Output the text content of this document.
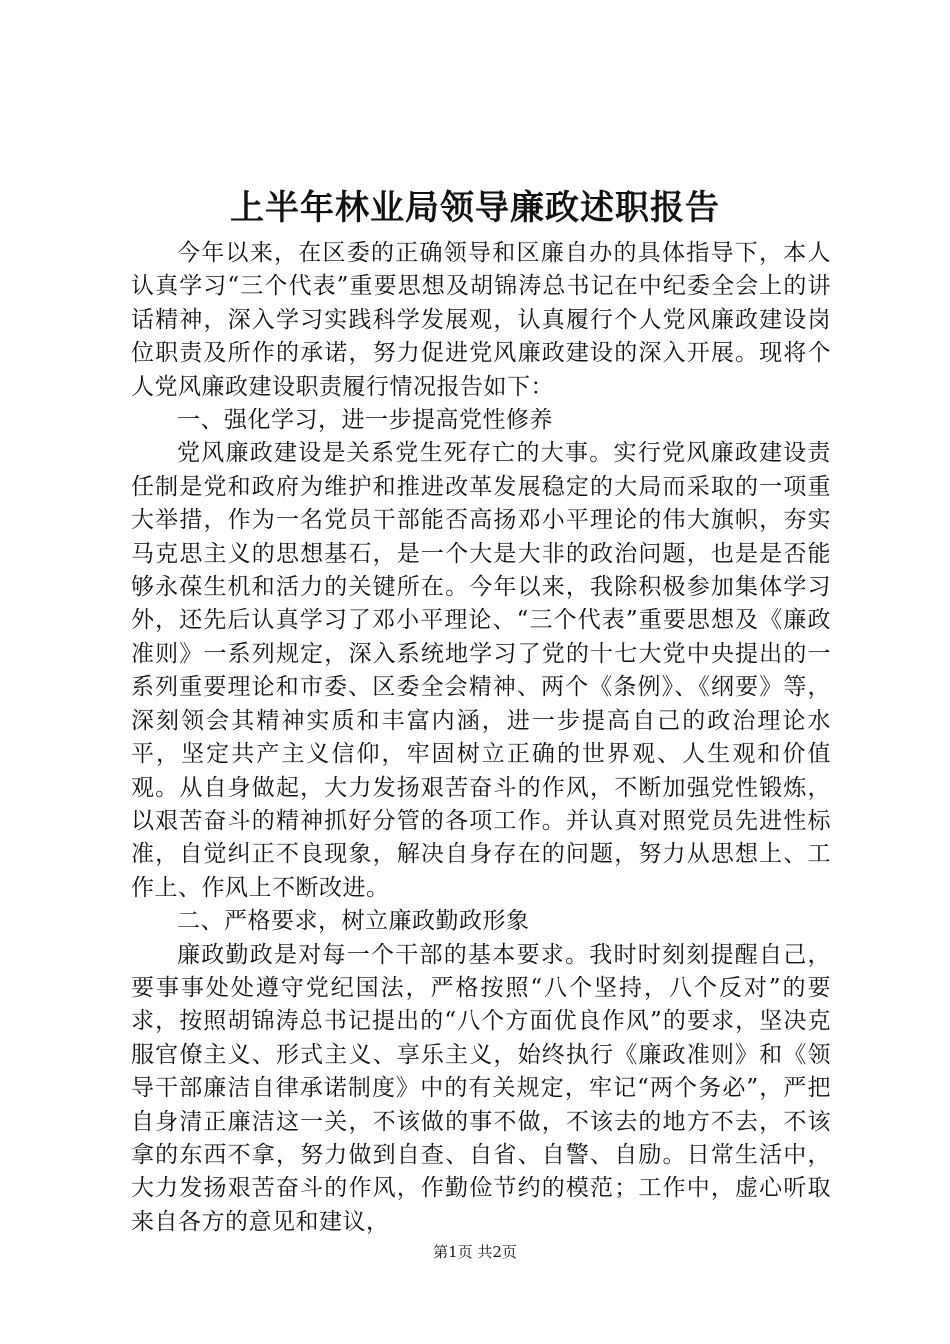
上半年林业局领导廉政述职报告

今年以来，在区委的正确领导和区廉自办的具体指导下，本人认真学习“三个代表”重要思想及胡锦涛总书记在中纪委全会上的讲话精神，深入学习实践科学发展观，认真履行个人党风廉政建设岗位职责及所作的承诺，努力促进党风廉政建设的深入开展。现将个人党风廉政建设职责履行情况报告如下：

一、强化学习，进一步提高党性修养

党风廉政建设是关系党生死存亡的大事。实行党风廉政建设责任制是党和政府为维护和推进改革发展稳定的大局而采取的一项重大举措，作为一名党员干部能否高扬邓小平理论的伟大旗帜，夯实马克思主义的思想基石，是一个大是大非的政治问题，也是是否能够永葆生机和活力的关键所在。今年以来，我除积极参加集体学习外，还先后认真学习了邓小平理论、“三个代表”重要思想及《廉政准则》一系列规定，深入系统地学习了党的十七大党中央提出的一系列重要理论和市委、区委全会精神、两个《条例》、《纲要》等，深刻领会其精神实质和丰富内涵，进一步提高自己的政治理论水平，坚定共产主义信仰，牢固树立正确的世界观、人生观和价值观。从自身做起，大力发扬艰苦奋斗的作风，不断加强党性锻炼，以艰苦奋斗的精神抓好分管的各项工作。并认真对照党员先进性标准，自觉纠正不良现象，解决自身存在的问题，努力从思想上、工作上、作风上不断改进。

二、严格要求，树立廉政勤政形象

廉政勤政是对每一个干部的基本要求。我时时刻刻提醒自己，要事事处处遵守党纪国法，严格按照“八个坚持，八个反对”的要求，按照胡锦涛总书记提出的“八个方面优良作风”的要求，坚决克服官僚主义、形式主义、享乐主义，始终执行《廉政准则》和《领导干部廉洁自律承诺制度》中的有关规定，牢记“两个务必”，严把自身清正廉洁这一关，不该做的事不做，不该去的地方不去，不该拿的东西不拿，努力做到自查、自省、自警、自励。日常生活中，大力发扬艰苦奋斗的作风，作勤俭节约的模范；工作中，虚心听取来自各方的意见和建议，

第1页 共2页
